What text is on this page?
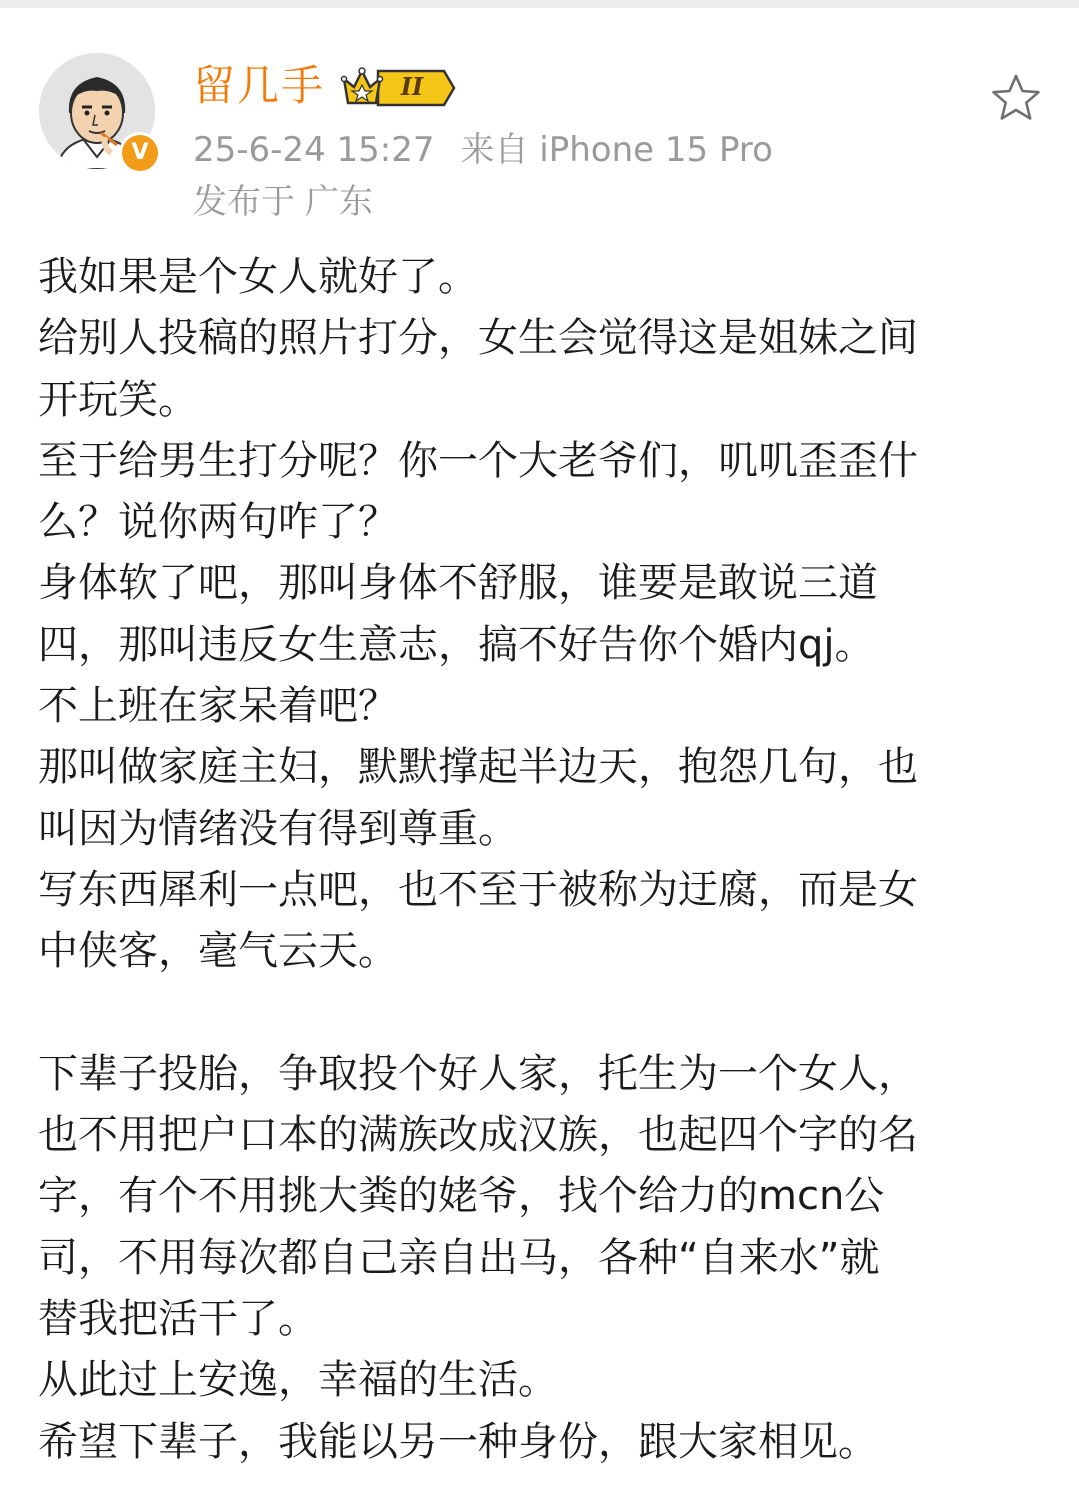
V
留几手	II
25-6-24 15:27 来自 iPhone 15 Pro
发布于 广东

我如果是个女人就好了。

给别人投稿的照片打分，女生会觉得这是姐妹之间

开玩笑。

至于给男生打分呢？你一个大老爷们，叽叽歪歪什

么？说你两句咋了？

身体软了吧，那叫身体不舒服，谁要是敢说三道

四，那叫违反女生意志，搞不好告你个婚内qj。

不上班在家呆着吧？

那叫做家庭主妇，默默撑起半边天，抱怨几句，也

叫因为情绪没有得到尊重。

写东西犀利一点吧，也不至于被称为迂腐，而是女

中侠客，毫气云天。

下辈子投胎，争取投个好人家，托生为一个女人，

也不用把户口本的满族改成汉族，也起四个字的名

字，有个不用挑大粪的姥爷，找个给力的mcn公

司，不用每次都自己亲自出马，各种“自来水”就

替我把活干了。

从此过上安逸，幸福的生活。

希望下辈子，我能以另一种身份，跟大家相见。
